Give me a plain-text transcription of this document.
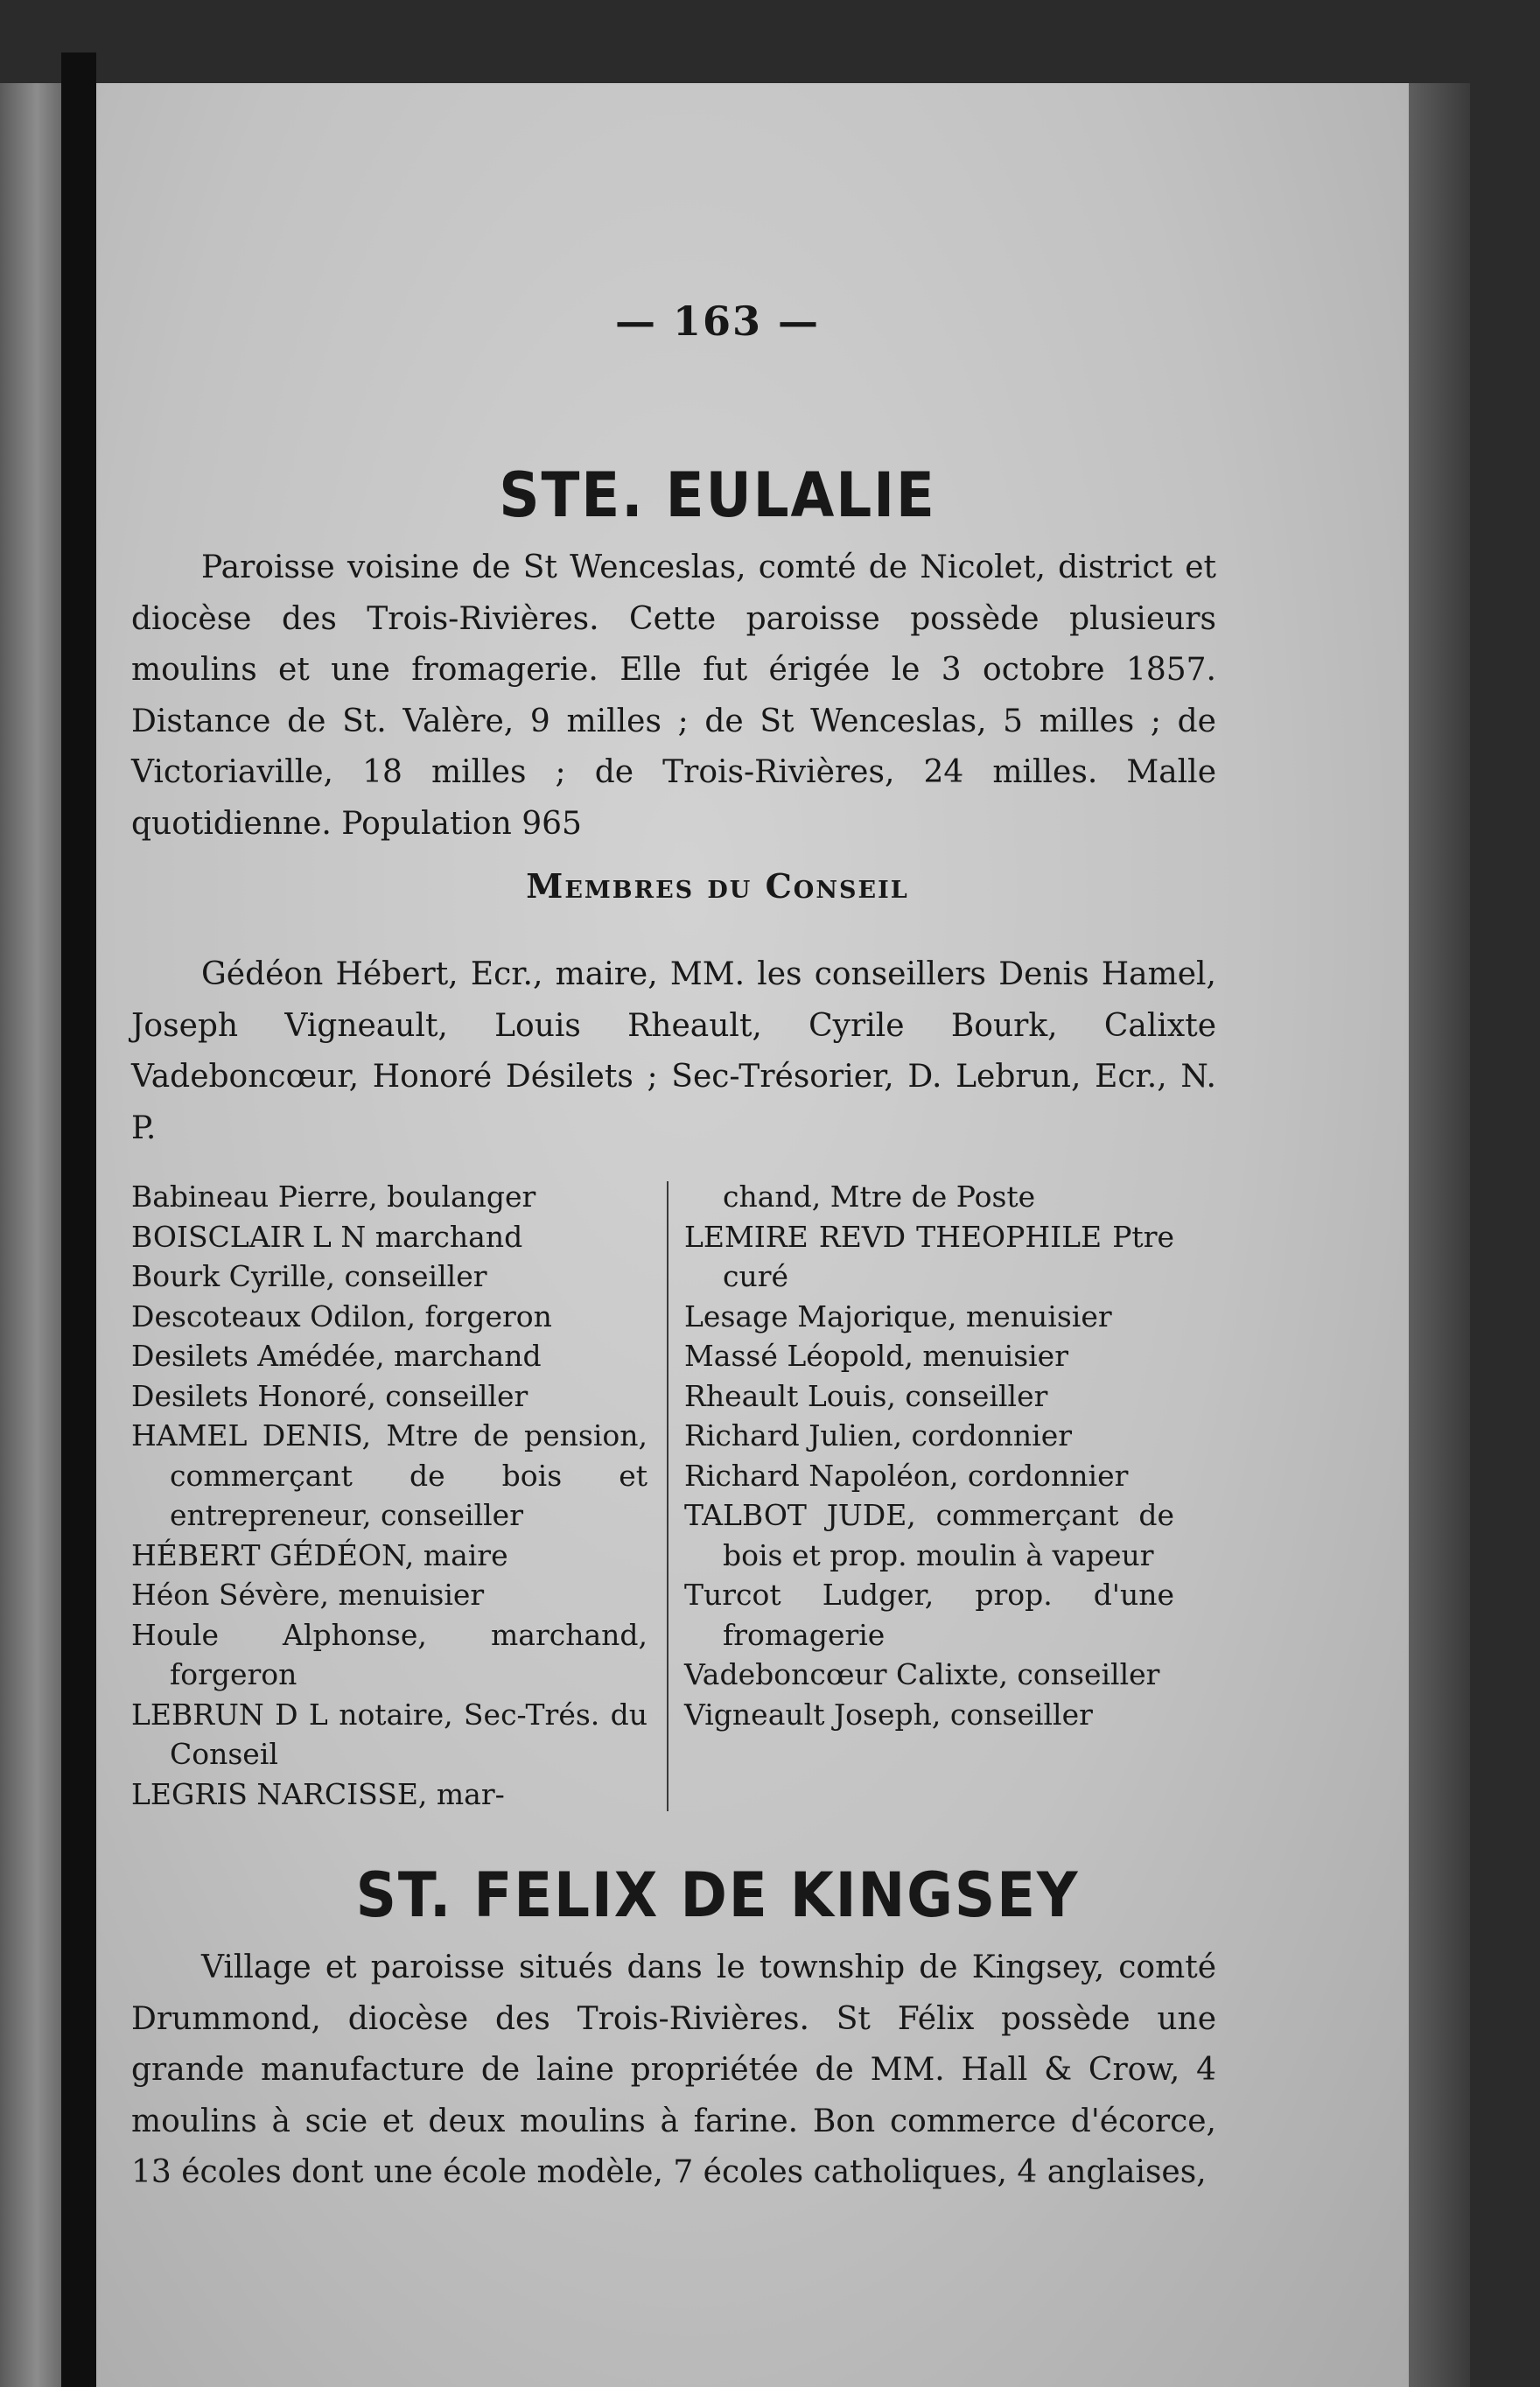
— 163 —
STE. EULALIE

Paroisse voisine de St Wenceslas, comté de Nicolet, district et diocèse des Trois-Rivières. Cette paroisse possède plusieurs moulins et une fromagerie. Elle fut érigée le 3 octobre 1857. Distance de St. Valère, 9 milles ; de St Wenceslas, 5 milles ; de Victoriaville, 18 milles ; de Trois-Rivières, 24 milles. Malle quotidienne. Population 965

Membres du Conseil

Gédéon Hébert, Ecr., maire, MM. les conseillers Denis Hamel, Joseph Vigneault, Louis Rheault, Cyrile Bourk, Calixte Vadeboncœur, Honoré Désilets ; Sec-Trésorier, D. Lebrun, Ecr., N. P.

Babineau Pierre, boulanger
BOISCLAIR L N marchand
Bourk Cyrille, conseiller
Descoteaux Odilon, forgeron
Desilets Amédée, marchand
Desilets Honoré, conseiller
HAMEL DENIS, Mtre de pension, commerçant de bois et entrepreneur, conseiller
HÉBERT GÉDÉON, maire
Héon Sévère, menuisier
Houle Alphonse, marchand, forgeron
LEBRUN D L notaire, Sec-Trés. du Conseil
LEGRIS NARCISSE, mar-
chand, Mtre de Poste
LEMIRE REVD THEOPHILE Ptre curé
Lesage Majorique, menuisier
Massé Léopold, menuisier
Rheault Louis, conseiller
Richard Julien, cordonnier
Richard Napoléon, cordonnier
TALBOT JUDE, commerçant de bois et prop. moulin à vapeur
Turcot Ludger, prop. d'une fromagerie
Vadeboncœur Calixte, conseiller
Vigneault Joseph, conseiller
ST. FELIX DE KINGSEY

Village et paroisse situés dans le township de Kingsey, comté Drummond, diocèse des Trois-Rivières. St Félix possède une grande manufacture de laine propriétée de MM. Hall & Crow, 4 moulins à scie et deux moulins à farine. Bon commerce d'écorce, 13 écoles dont une école modèle, 7 écoles catholiques, 4 anglaises,
